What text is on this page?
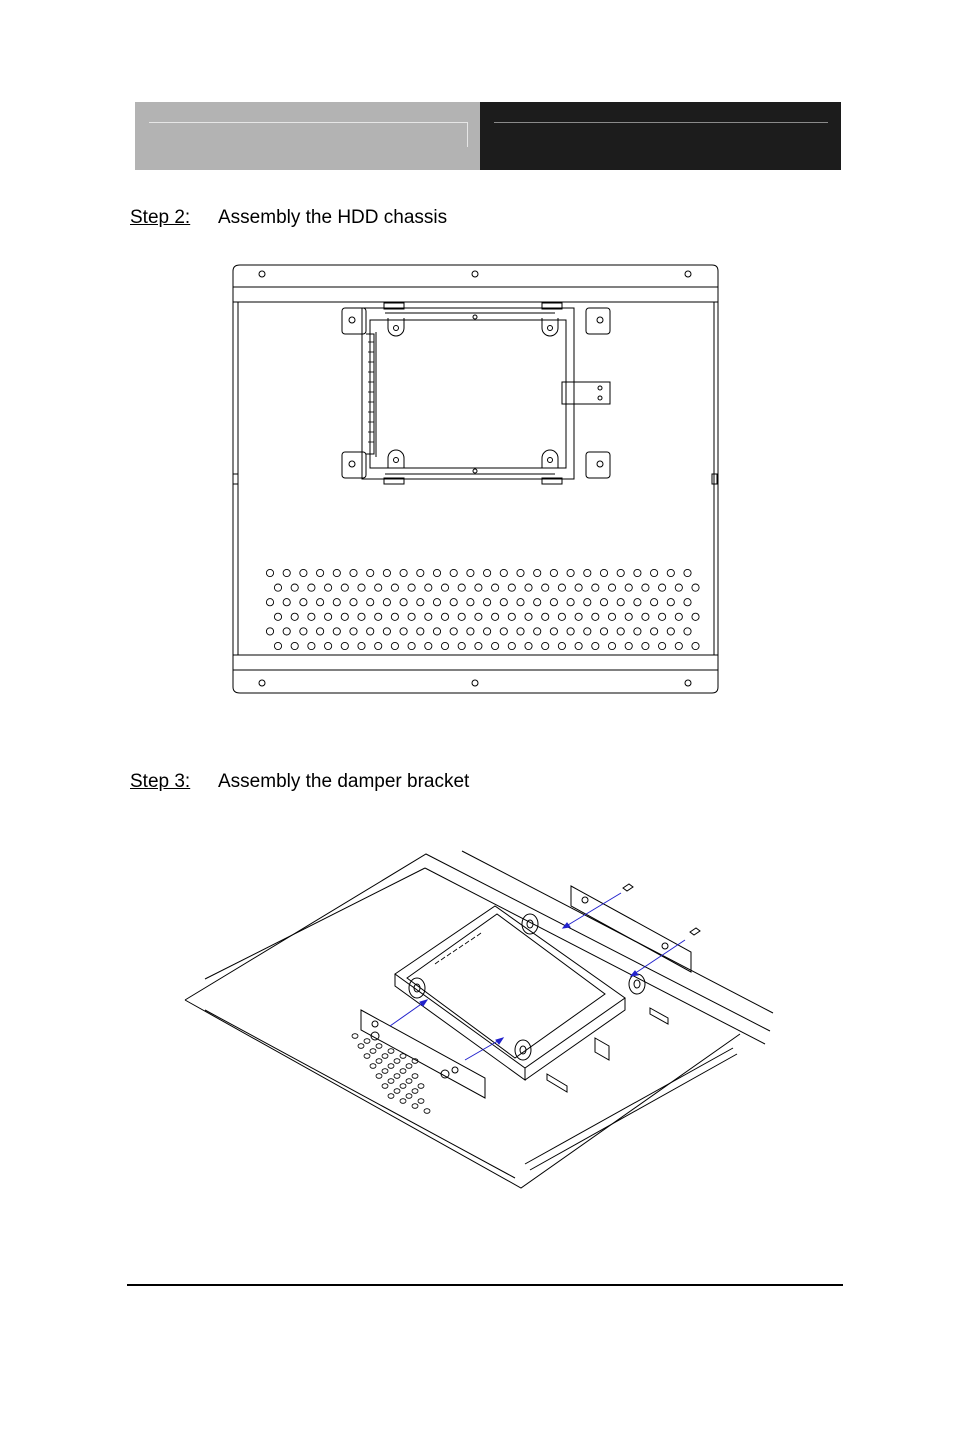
Step 2: Assembly the HDD chassis
Step 3: Assembly the damper bracket
